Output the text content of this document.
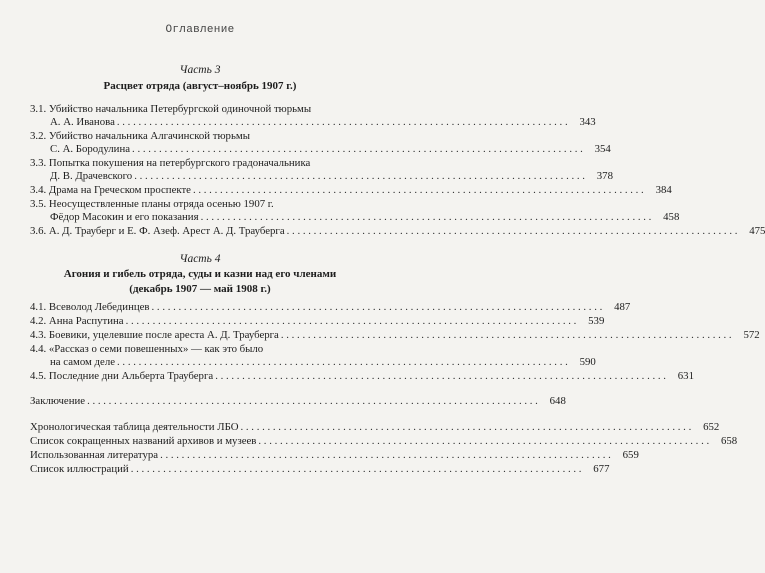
Оглавление
Часть 3
Расцвет отряда (август–ноябрь 1907 г.)
3.1. Убийство начальника Петербургской одиночной тюрьмы
А. А. Иванова . . .	343
3.2. Убийство начальника Алгачинской тюрьмы
С. А. Бородулина . . .	354
3.3. Попытка покушения на петербургского градоначальника
Д. В. Драчевского . . .	378
3.4. Драма на Греческом проспекте . . .	384
3.5. Неосуществленные планы отряда осенью 1907 г.
Фёдор Масокин и его показания . . .	458
3.6. А. Д. Трауберг и Е. Ф. Азеф. Арест А. Д. Трауберга . . .	475
Часть 4
Агония и гибель отряда, суды и казни над его членами
(декабрь 1907 — май 1908 г.)
4.1. Всеволод Лебединцев . . .	487
4.2. Анна Распутина . . .	539
4.3. Боевики, уцелевшие после ареста А. Д. Трауберга . . .	572
4.4. «Рассказ о семи повешенных» — как это было
на самом деле . . .	590
4.5. Последние дни Альберта Трауберга . . .	631
Заключение . . .	648
Хронологическая таблица деятельности ЛБО . . .	652
Список сокращенных названий архивов и музеев . . .	658
Использованная литература . . .	659
Список иллюстраций . . .	677
